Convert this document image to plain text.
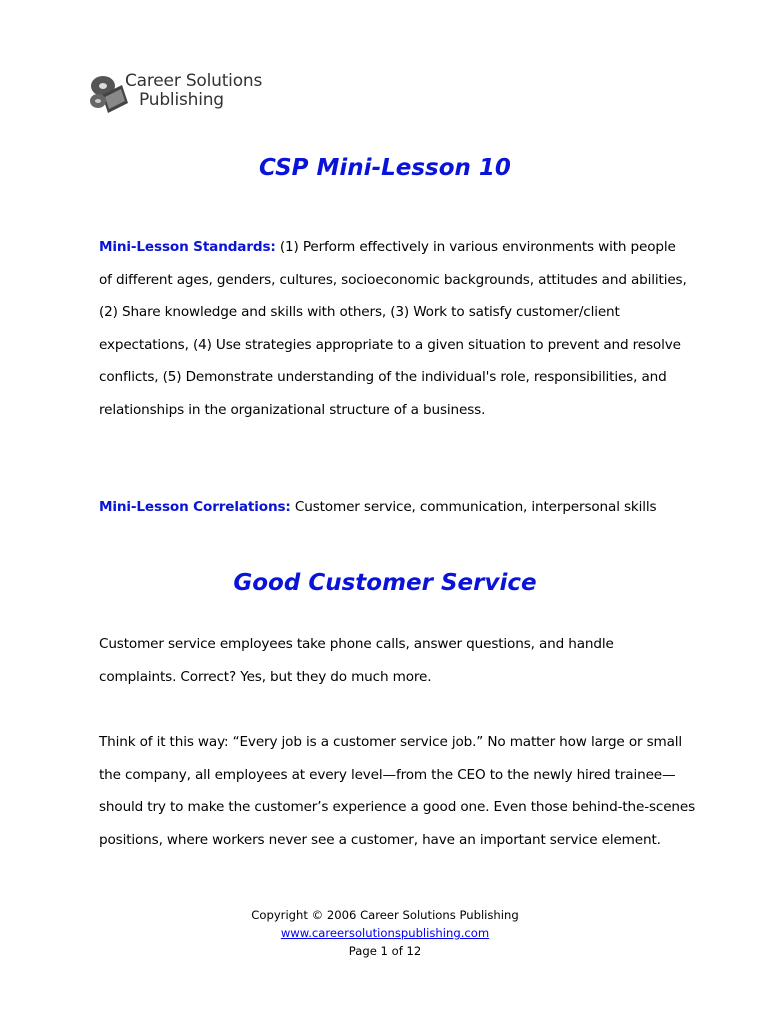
Career Solutions
Publishing
CSP Mini-Lesson 10

Mini-Lesson Standards: (1) Perform effectively in various environments with people of different ages, genders, cultures, socioeconomic backgrounds, attitudes and abilities, (2) Share knowledge and skills with others, (3) Work to satisfy customer/client expectations, (4) Use strategies appropriate to a given situation to prevent and resolve conflicts, (5) Demonstrate understanding of the individual's role, responsibilities, and relationships in the organizational structure of a business.

Mini-Lesson Correlations: Customer service, communication, interpersonal skills

Good Customer Service

Customer service employees take phone calls, answer questions, and handle complaints. Correct? Yes, but they do much more.

Think of it this way: “Every job is a customer service job.” No matter how large or small the company, all employees at every level—from the CEO to the newly hired trainee—should try to make the customer’s experience a good one. Even those behind-the-scenes positions, where workers never see a customer, have an important service element.

Copyright © 2006 Career Solutions Publishing
www.careersolutionspublishing.com
Page 1 of 12
